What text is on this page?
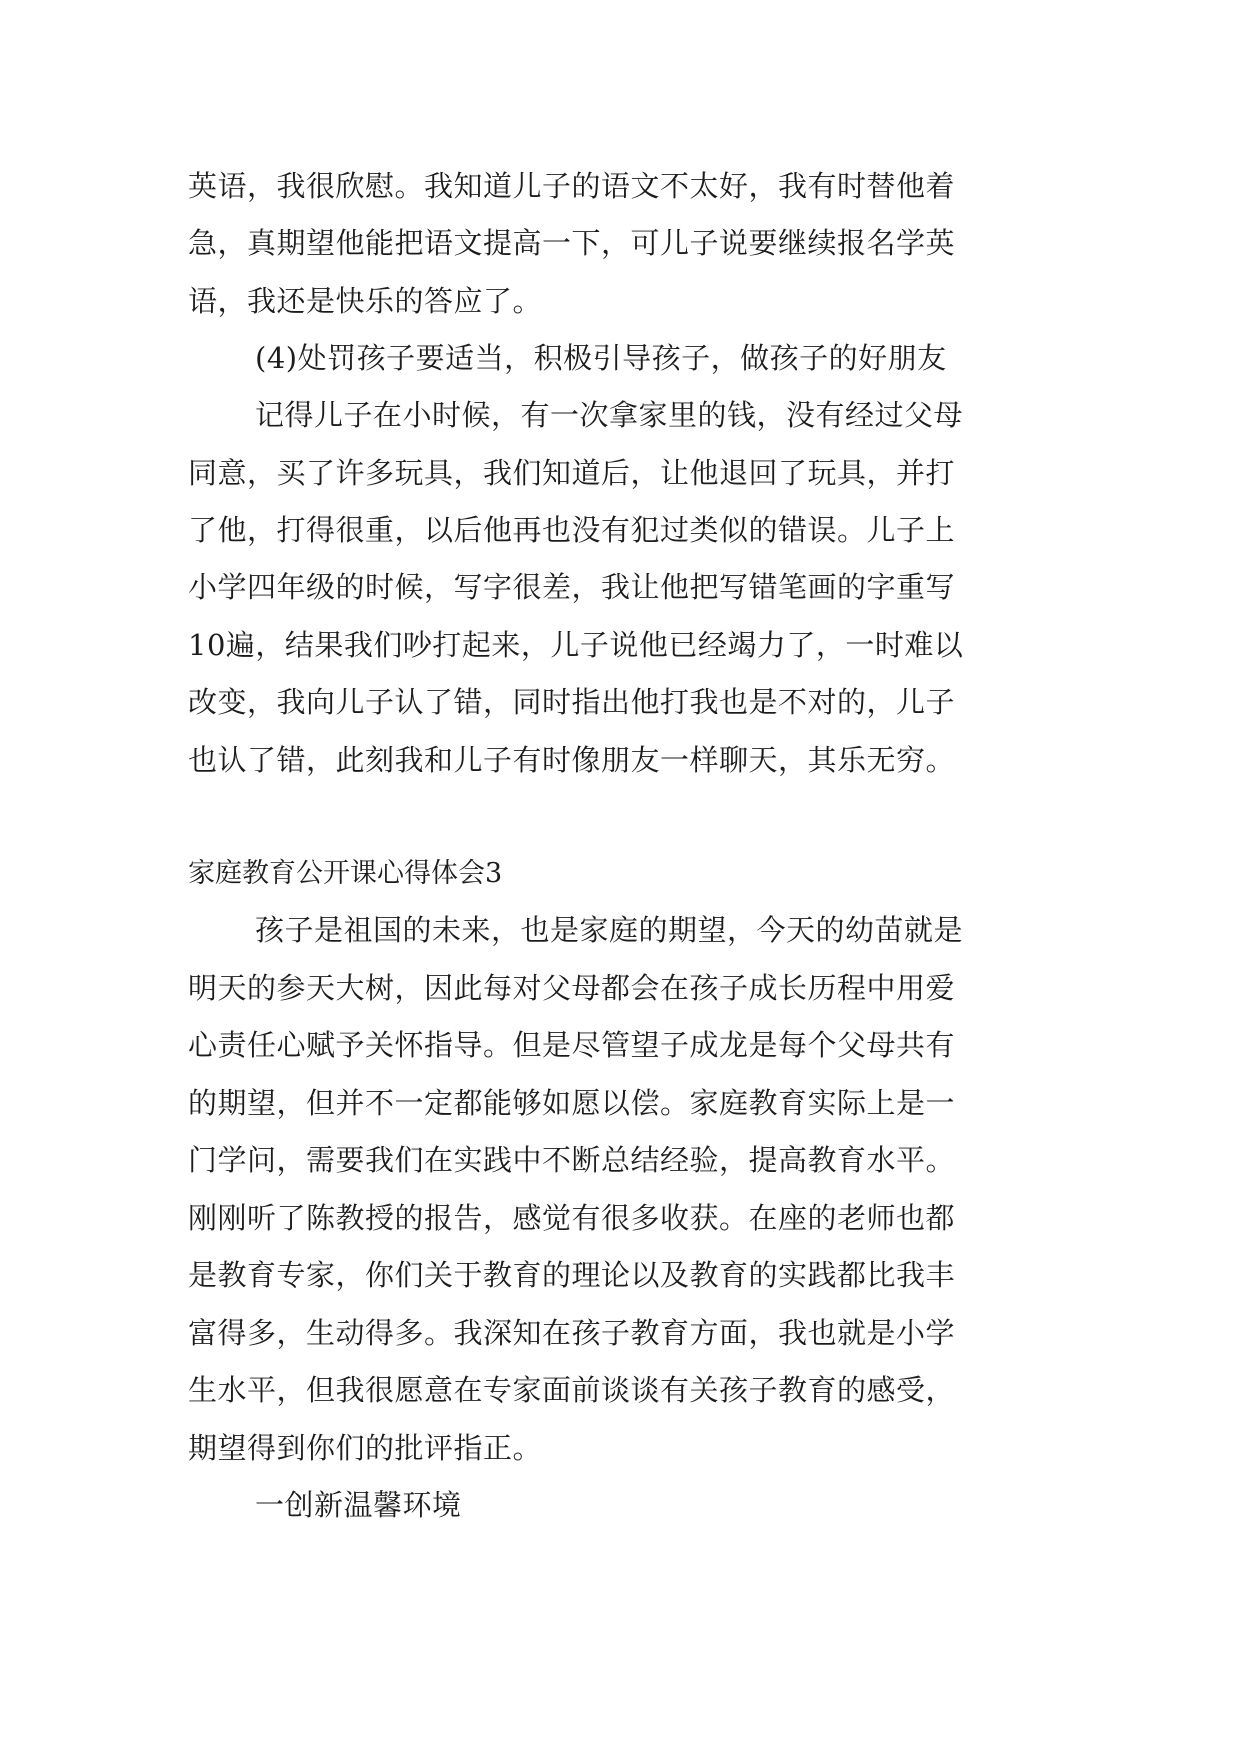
英语，我很欣慰。我知道儿子的语文不太好，我有时替他着
急，真期望他能把语文提高一下，可儿子说要继续报名学英
语，我还是快乐的答应了。
(4)处罚孩子要适当，积极引导孩子，做孩子的好朋友
记得儿子在小时候，有一次拿家里的钱，没有经过父母
同意，买了许多玩具，我们知道后，让他退回了玩具，并打
了他，打得很重，以后他再也没有犯过类似的错误。儿子上
小学四年级的时候，写字很差，我让他把写错笔画的字重写
10遍，结果我们吵打起来，儿子说他已经竭力了，一时难以
改变，我向儿子认了错，同时指出他打我也是不对的，儿子
也认了错，此刻我和儿子有时像朋友一样聊天，其乐无穷。
家庭教育公开课心得体会3
孩子是祖国的未来，也是家庭的期望，今天的幼苗就是
明天的参天大树，因此每对父母都会在孩子成长历程中用爱
心责任心赋予关怀指导。但是尽管望子成龙是每个父母共有
的期望，但并不一定都能够如愿以偿。家庭教育实际上是一
门学问，需要我们在实践中不断总结经验，提高教育水平。
刚刚听了陈教授的报告，感觉有很多收获。在座的老师也都
是教育专家，你们关于教育的理论以及教育的实践都比我丰
富得多，生动得多。我深知在孩子教育方面，我也就是小学
生水平，但我很愿意在专家面前谈谈有关孩子教育的感受，
期望得到你们的批评指正。
一创新温馨环境
